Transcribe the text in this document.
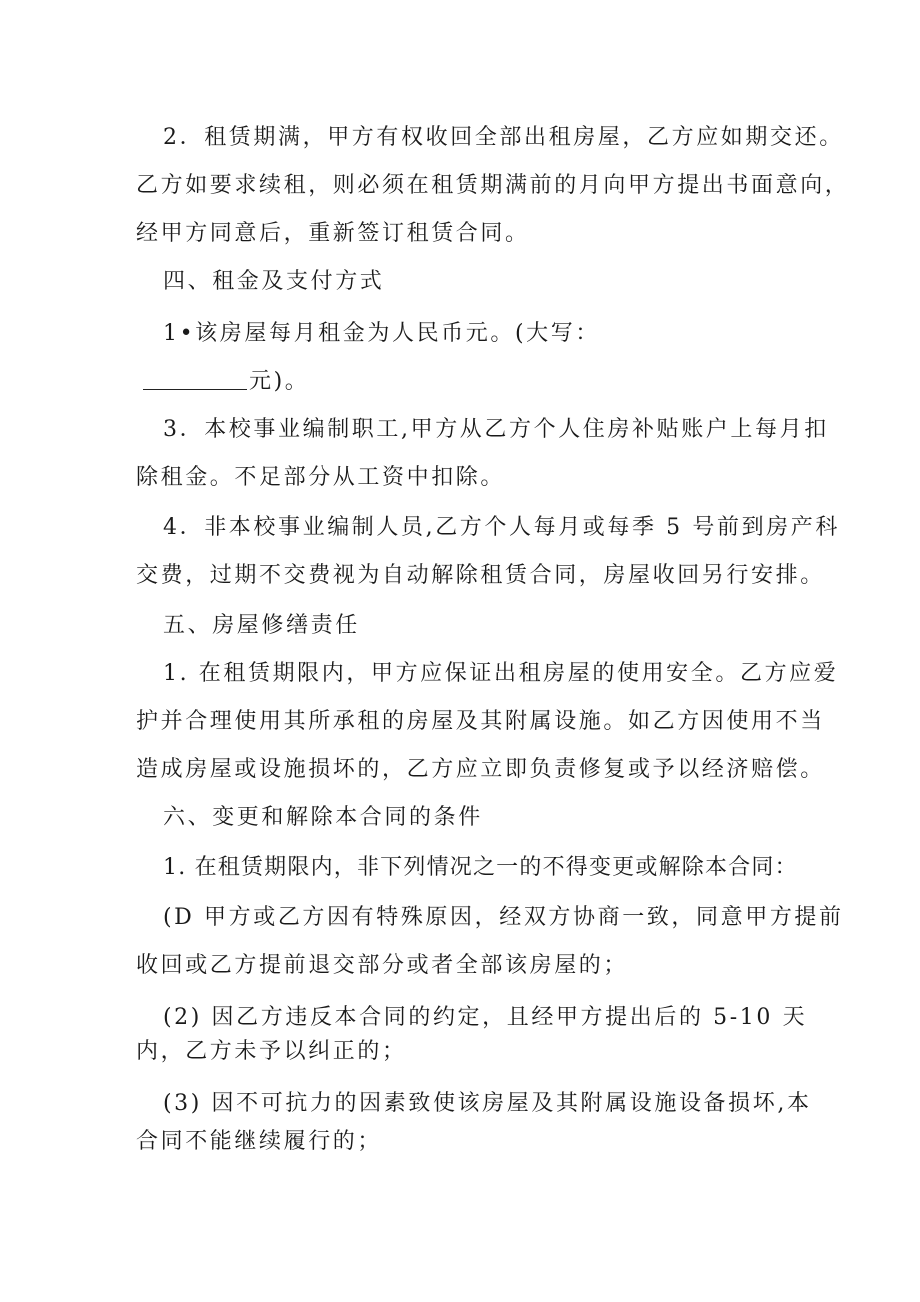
2．租赁期满，甲方有权收回全部出租房屋，乙方应如期交还。
乙方如要求续租，则必须在租赁期满前的月向甲方提出书面意向，
经甲方同意后，重新签订租赁合同。
四、租金及支付方式
1•该房屋每月租金为人民币元。(大写：
元)。
3．本校事业编制职工,甲方从乙方个人住房补贴账户上每月扣
除租金。不足部分从工资中扣除。
4．非本校事业编制人员,乙方个人每月或每季 5 号前到房产科
交费，过期不交费视为自动解除租赁合同，房屋收回另行安排。
五、房屋修缮责任
1. 在租赁期限内，甲方应保证出租房屋的使用安全。乙方应爱
护并合理使用其所承租的房屋及其附属设施。如乙方因使用不当
造成房屋或设施损坏的，乙方应立即负责修复或予以经济赔偿。
六、变更和解除本合同的条件
1. 在租赁期限内，非下列情况之一的不得变更或解除本合同：
(D 甲方或乙方因有特殊原因，经双方协商一致，同意甲方提前
收回或乙方提前退交部分或者全部该房屋的；
(2) 因乙方违反本合同的约定，且经甲方提出后的 5-10 天
内，乙方未予以纠正的；
(3) 因不可抗力的因素致使该房屋及其附属设施设备损坏,本
合同不能继续履行的；
